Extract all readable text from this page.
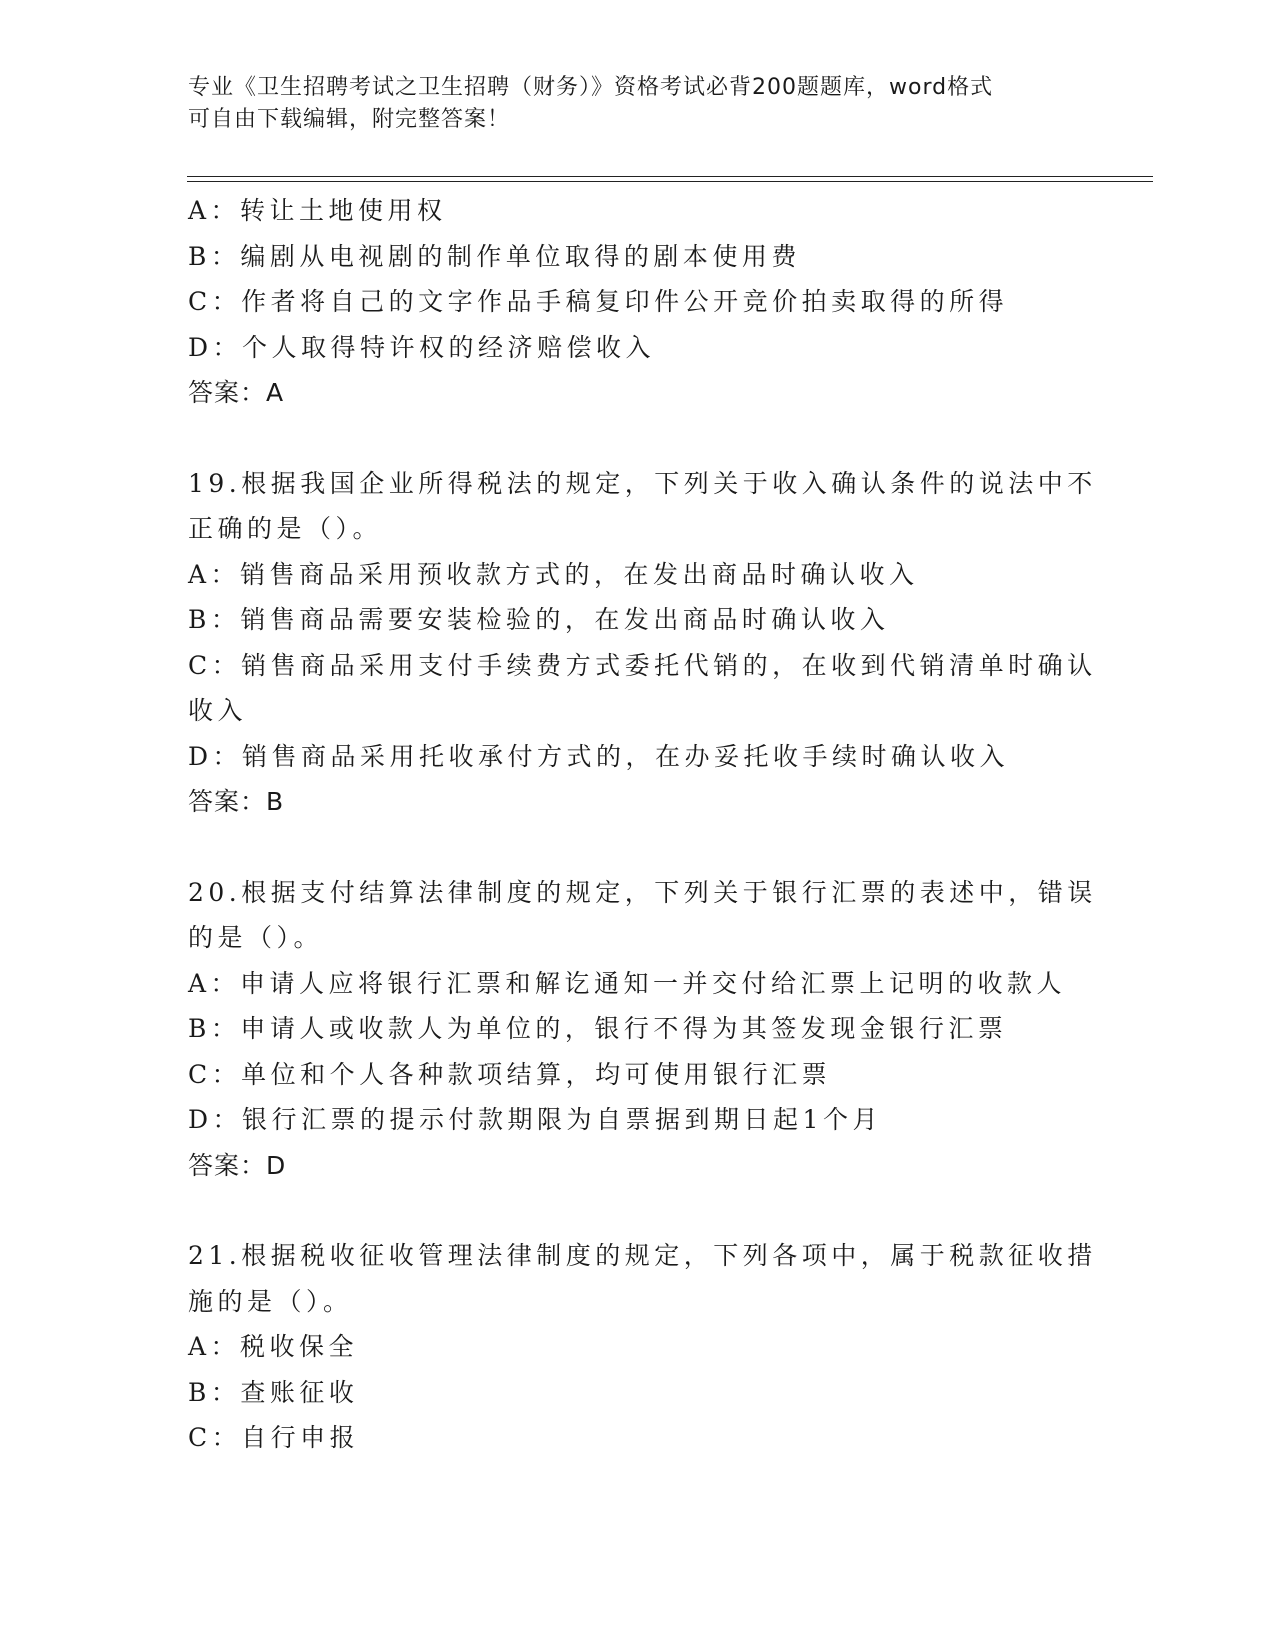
专业《卫生招聘考试之卫生招聘（财务）》资格考试必背200题题库，word格式

可自由下载编辑，附完整答案！

A：转让土地使用权

B：编剧从电视剧的制作单位取得的剧本使用费

C：作者将自己的文字作品手稿复印件公开竞价拍卖取得的所得

D：个人取得特许权的经济赔偿收入

答案：A

19.根据我国企业所得税法的规定，下列关于收入确认条件的说法中不

正确的是（）。

A：销售商品采用预收款方式的，在发出商品时确认收入

B：销售商品需要安装检验的，在发出商品时确认收入

C：销售商品采用支付手续费方式委托代销的，在收到代销清单时确认

收入

D：销售商品采用托收承付方式的，在办妥托收手续时确认收入

答案：B

20.根据支付结算法律制度的规定，下列关于银行汇票的表述中，错误

的是（）。

A：申请人应将银行汇票和解讫通知一并交付给汇票上记明的收款人

B：申请人或收款人为单位的，银行不得为其签发现金银行汇票

C：单位和个人各种款项结算，均可使用银行汇票

D：银行汇票的提示付款期限为自票据到期日起1个月

答案：D

21.根据税收征收管理法律制度的规定，下列各项中，属于税款征收措

施的是（）。

A：税收保全

B：查账征收

C：自行申报
